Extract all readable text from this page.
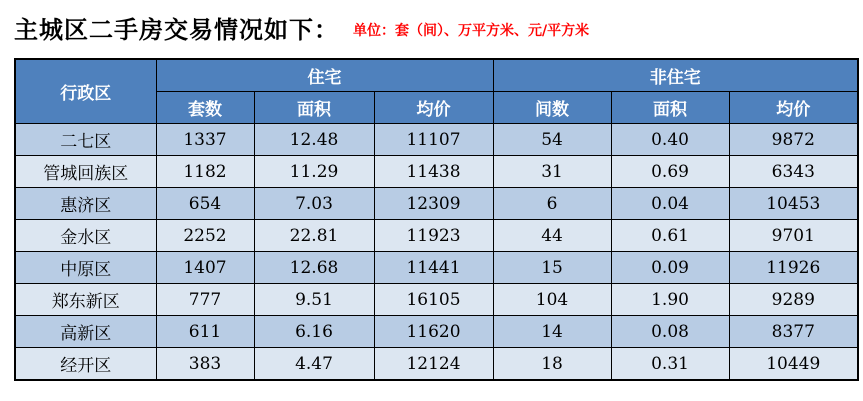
主城区二手房交易情况如下： 单位：套（间）、万平方米、元/平方米
行政区	住宅			非住宅		
	套数	面积	均价	间数	面积	均价
二七区	1337	12.48	11107	54	0.40	9872
管城回族区	1182	11.29	11438	31	0.69	6343
惠济区	654	7.03	12309	6	0.04	10453
金水区	2252	22.81	11923	44	0.61	9701
中原区	1407	12.68	11441	15	0.09	11926
郑东新区	777	9.51	16105	104	1.90	9289
高新区	611	6.16	11620	14	0.08	8377
经开区	383	4.47	12124	18	0.31	10449
